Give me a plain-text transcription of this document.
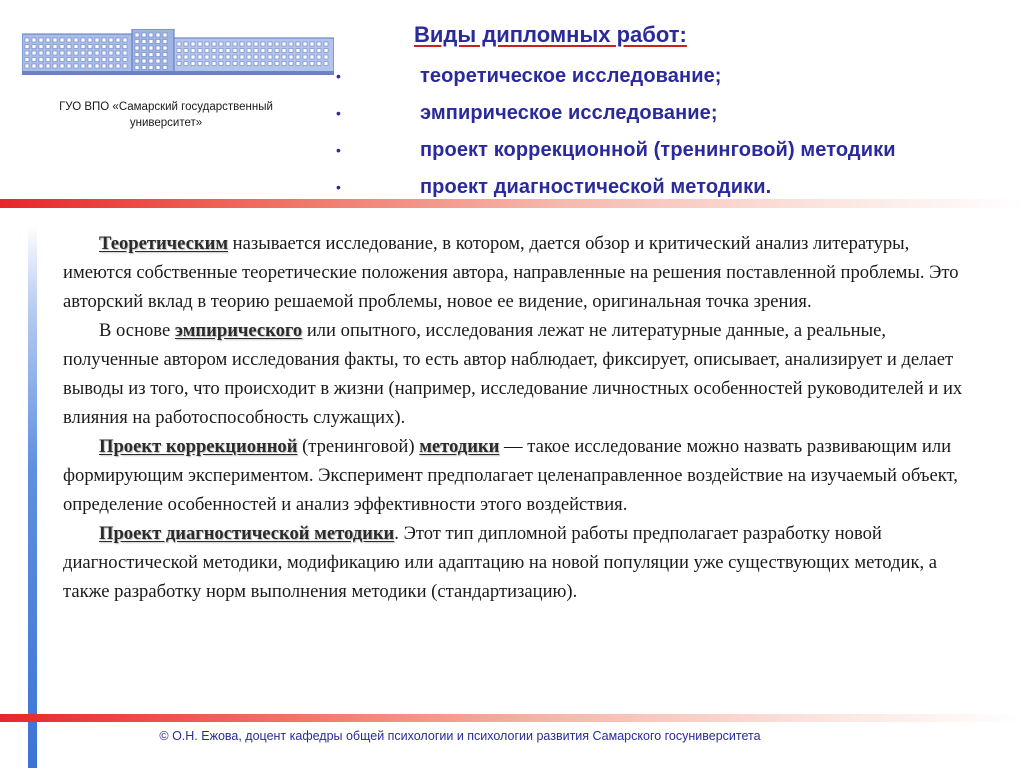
ГУО ВПО «Самарский государственный университет»
Виды дипломных работ:
•	теоретическое исследование;
•	эмпирическое исследование;
•	проект коррекционной (тренинговой) методики
•	проект диагностической методики.

Теоретическим называется исследование, в котором, дается обзор и критический анализ литературы, имеются собственные теоретические положения автора, направленные на решения поставленной проблемы. Это авторский вклад в теорию решаемой проблемы, новое ее видение, оригинальная точка зрения.

В основе эмпирического или опытного, исследования лежат не литературные данные, а реальные, полученные автором исследования факты, то есть автор наблюдает, фиксирует, описывает, анализирует и делает выводы из того, что происходит в жизни (например, исследование личностных особенностей руководителей и их влияния на работоспособность служащих).

Проект коррекционной (тренинговой) методики — такое исследование можно назвать развивающим или формирующим экспериментом. Эксперимент предполагает целенаправленное воздействие на изучаемый объект, определение особенностей и анализ эффективности этого воздействия.

Проект диагностической методики. Этот тип дипломной работы предполагает разработку новой диагностической методики, модификацию или адаптацию на новой популяции уже существующих методик, а также разработку норм выполнения методики (стандартизацию).

© О.Н. Ежова, доцент кафедры общей психологии и психологии развития Самарского госуниверситета
